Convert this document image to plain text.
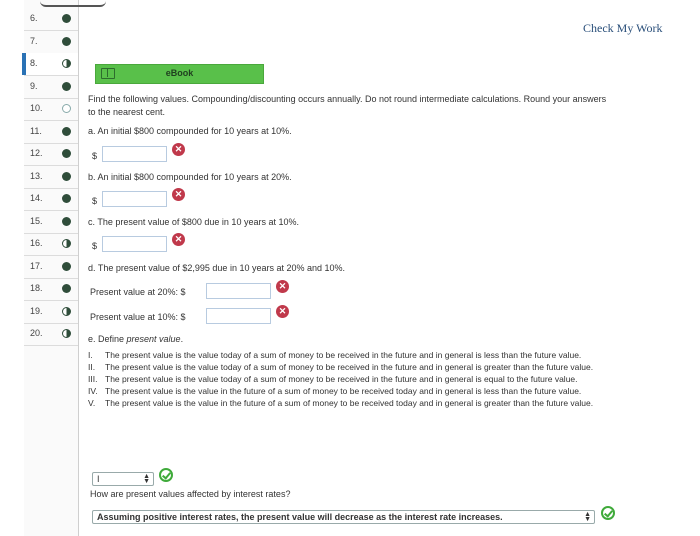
6.
7.
8.
9.
10.
11.
12.
13.
14.
15.
16.
17.
18.
19.
20.
Check My Work
eBook
Find the following values. Compounding/discounting occurs annually. Do not round intermediate calculations. Round your answers
to the nearest cent.
a. An initial $800 compounded for 10 years at 10%.
$
✕
b. An initial $800 compounded for 10 years at 20%.
$
✕
c. The present value of $800 due in 10 years at 10%.
$
✕
d. The present value of $2,995 due in 10 years at 20% and 10%.
Present value at 20%: $
✕
Present value at 10%: $
✕
e. Define present value.
I. The present value is the value today of a sum of money to be received in the future and in general is less than the future value.
II. The present value is the value today of a sum of money to be received in the future and in general is greater than the future value.
III. The present value is the value today of a sum of money to be received in the future and in general is equal to the future value.
IV. The present value is the value in the future of a sum of money to be received today and in general is less than the future value.
V. The present value is the value in the future of a sum of money to be received today and in general is greater than the future value.
I	▲
▼
How are present values affected by interest rates?
Assuming positive interest rates, the present value will decrease as the interest rate increases.	▲
▼
